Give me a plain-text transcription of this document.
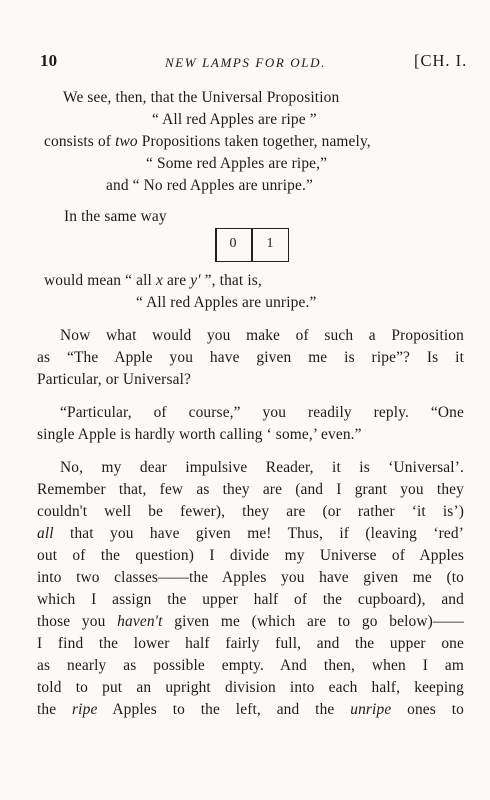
10	NEW LAMPS FOR OLD.	[CH. I.
We see, then, that the Universal Proposition
“ All red Apples are ripe ”
consists of two Propositions taken together, namely,
“ Some red Apples are ripe,”
and “ No red Apples are unripe.”
In the same way
0	1
would mean “ all x are y′ ”, that is,
“ All red Apples are unripe.”
Now what would you make of such a Proposition
as “The Apple you have given me is ripe”? Is it
Particular, or Universal?
“Particular, of course,” you readily reply. “One
single Apple is hardly worth calling ‘ some,’ even.”
No, my dear impulsive Reader, it is ‘Universal’.
Remember that, few as they are (and I grant you they
couldn't well be fewer), they are (or rather ‘it is’)
all that you have given me! Thus, if (leaving ‘red’
out of the question) I divide my Universe of Apples
into two classes——the Apples you have given me (to
which I assign the upper half of the cupboard), and
those you haven't given me (which are to go below)——
I find the lower half fairly full, and the upper one
as nearly as possible empty. And then, when I am
told to put an upright division into each half, keeping
the ripe Apples to the left, and the unripe ones to
